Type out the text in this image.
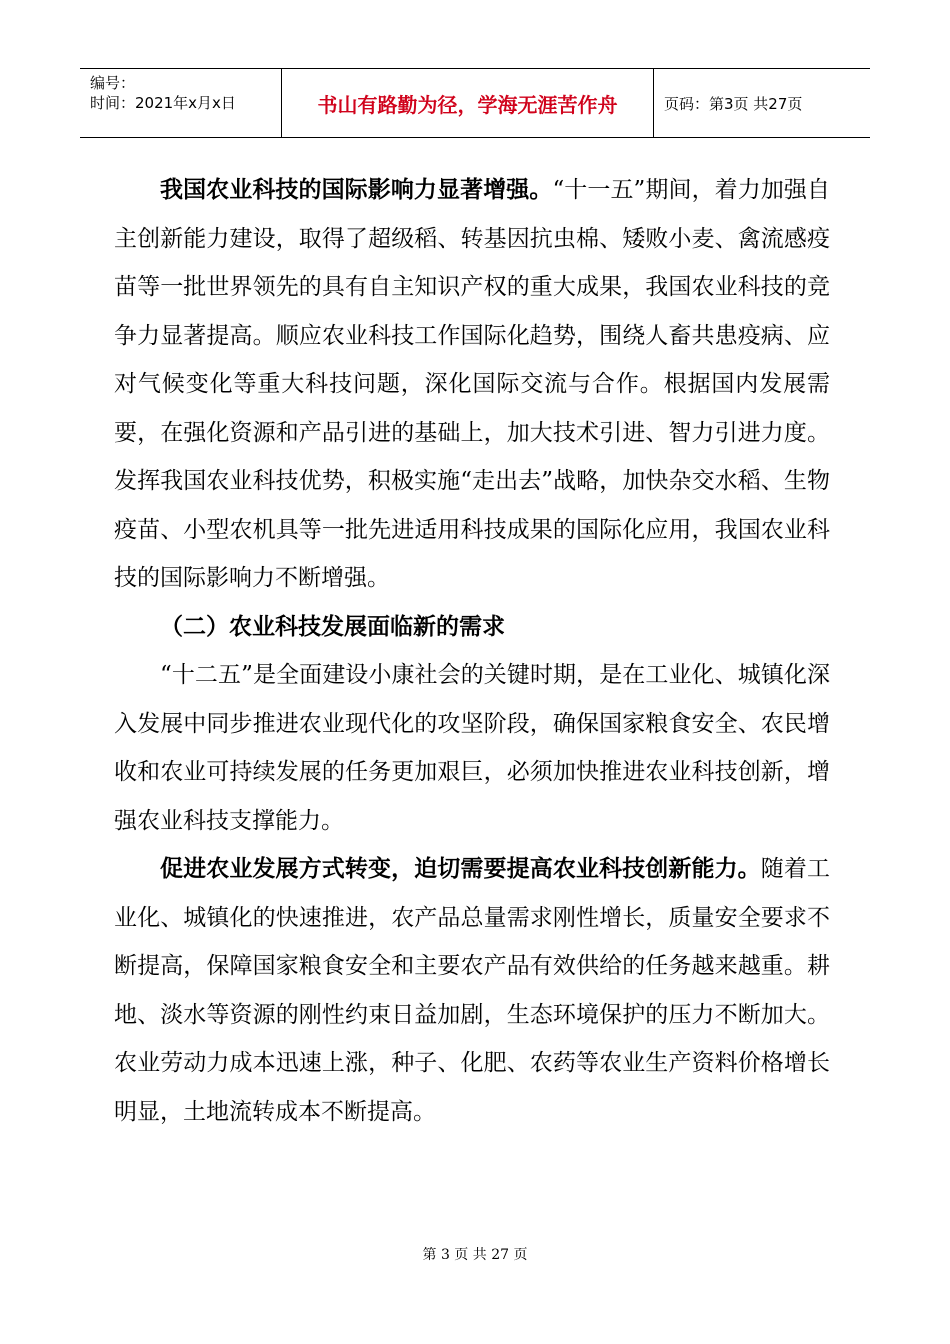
编号：
时间：2021年x月x日	书山有路勤为径，学海无涯苦作舟	页码：第3页 共27页

我国农业科技的国际影响力显著增强。“十一五”期间，着力加强自主创新能力建设，取得了超级稻、转基因抗虫棉、矮败小麦、禽流感疫苗等一批世界领先的具有自主知识产权的重大成果，我国农业科技的竞争力显著提高。顺应农业科技工作国际化趋势，围绕人畜共患疫病、应对气候变化等重大科技问题，深化国际交流与合作。根据国内发展需要，在强化资源和产品引进的基础上，加大技术引进、智力引进力度。发挥我国农业科技优势，积极实施“走出去”战略，加快杂交水稻、生物疫苗、小型农机具等一批先进适用科技成果的国际化应用，我国农业科技的国际影响力不断增强。

（二）农业科技发展面临新的需求

“十二五”是全面建设小康社会的关键时期，是在工业化、城镇化深入发展中同步推进农业现代化的攻坚阶段，确保国家粮食安全、农民增收和农业可持续发展的任务更加艰巨，必须加快推进农业科技创新，增强农业科技支撑能力。

促进农业发展方式转变，迫切需要提高农业科技创新能力。随着工业化、城镇化的快速推进，农产品总量需求刚性增长，质量安全要求不断提高，保障国家粮食安全和主要农产品有效供给的任务越来越重。耕地、淡水等资源的刚性约束日益加剧，生态环境保护的压力不断加大。农业劳动力成本迅速上涨，种子、化肥、农药等农业生产资料价格增长明显，土地流转成本不断提高。

第 3 页 共 27 页
